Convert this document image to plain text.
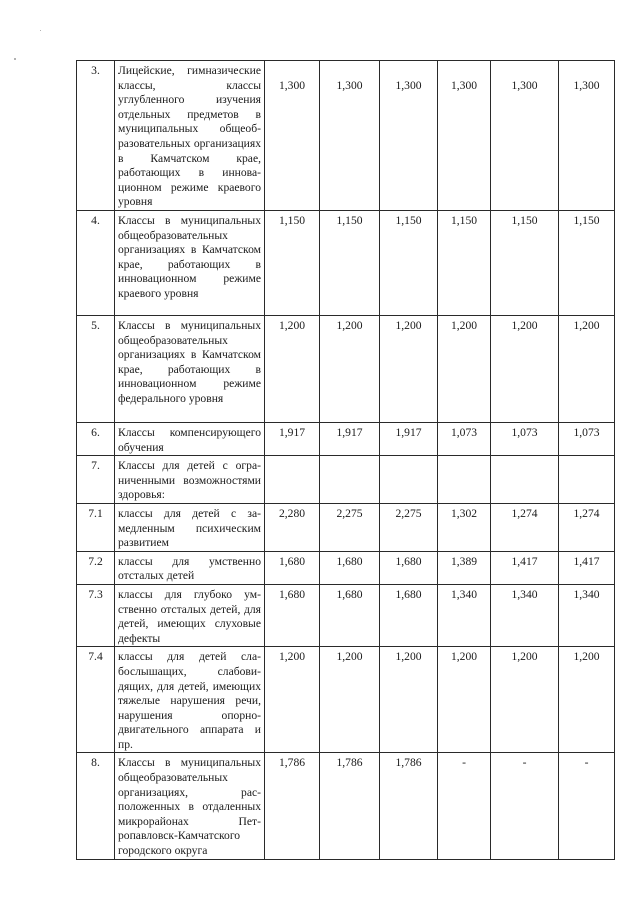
3.	Лицейские, гимназические классы, классы углубленного изучения отдельных предметов в муниципальных общеобразовательных организациях в Камчатском крае, работающих в инновационном режиме краевого уровня	1,300	1,300	1,300	1,300	1,300	1,300
4.	Классы в муниципальных общеобразовательных организациях в Камчатском крае, работающих в инновационном режиме краевого уровня	1,150	1,150	1,150	1,150	1,150	1,150
5.	Классы в муниципальных общеобразовательных организациях в Камчатском крае, работающих в инновационном режиме федерального уровня	1,200	1,200	1,200	1,200	1,200	1,200
6.	Классы компенсирующего обучения	1,917	1,917	1,917	1,073	1,073	1,073
7.	Классы для детей с ограниченными возможностями здоровья:						
7.1	классы для детей с замедленным психическим развитием	2,280	2,275	2,275	1,302	1,274	1,274
7.2	классы для умственно отсталых детей	1,680	1,680	1,680	1,389	1,417	1,417
7.3	классы для глубоко умственно отсталых детей, для детей, имеющих слуховые дефекты	1,680	1,680	1,680	1,340	1,340	1,340
7.4	классы для детей слабослышащих, слабовидящих, для детей, имеющих тяжелые нарушения речи, нарушения опорно-двигательного аппарата и пр.	1,200	1,200	1,200	1,200	1,200	1,200
8.	Классы в муниципальных общеобразовательных организациях, расположенных в отдаленных микрорайонах Петропавловск-Камчатского городского округа	1,786	1,786	1,786	-	-	-
